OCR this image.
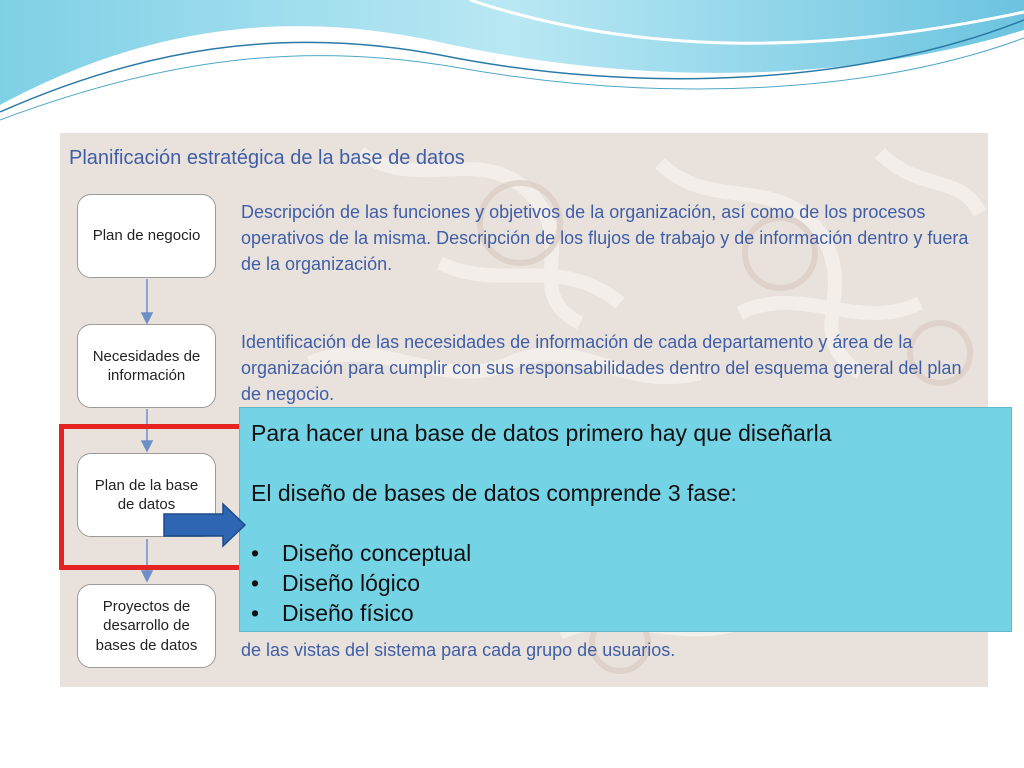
Planificación estratégica de la base de datos
Plan de negocio
Descripción de las funciones y objetivos de la organización, así como de los procesos operativos de la misma. Descripción de los flujos de trabajo y de información dentro y fuera de la organización.
Necesidades de información
Identificación de las necesidades de información de cada departamento y área de la organización para cumplir con sus responsabilidades dentro del esquema general del plan de negocio.
Plan de la base de datos
Proyectos de desarrollo de bases de datos	de las vistas del sistema para cada grupo de usuarios.
Para hacer una base de datos primero hay que diseñarla
El diseño de bases de datos comprende 3 fase:
• Diseño conceptual
• Diseño lógico
• Diseño físico
